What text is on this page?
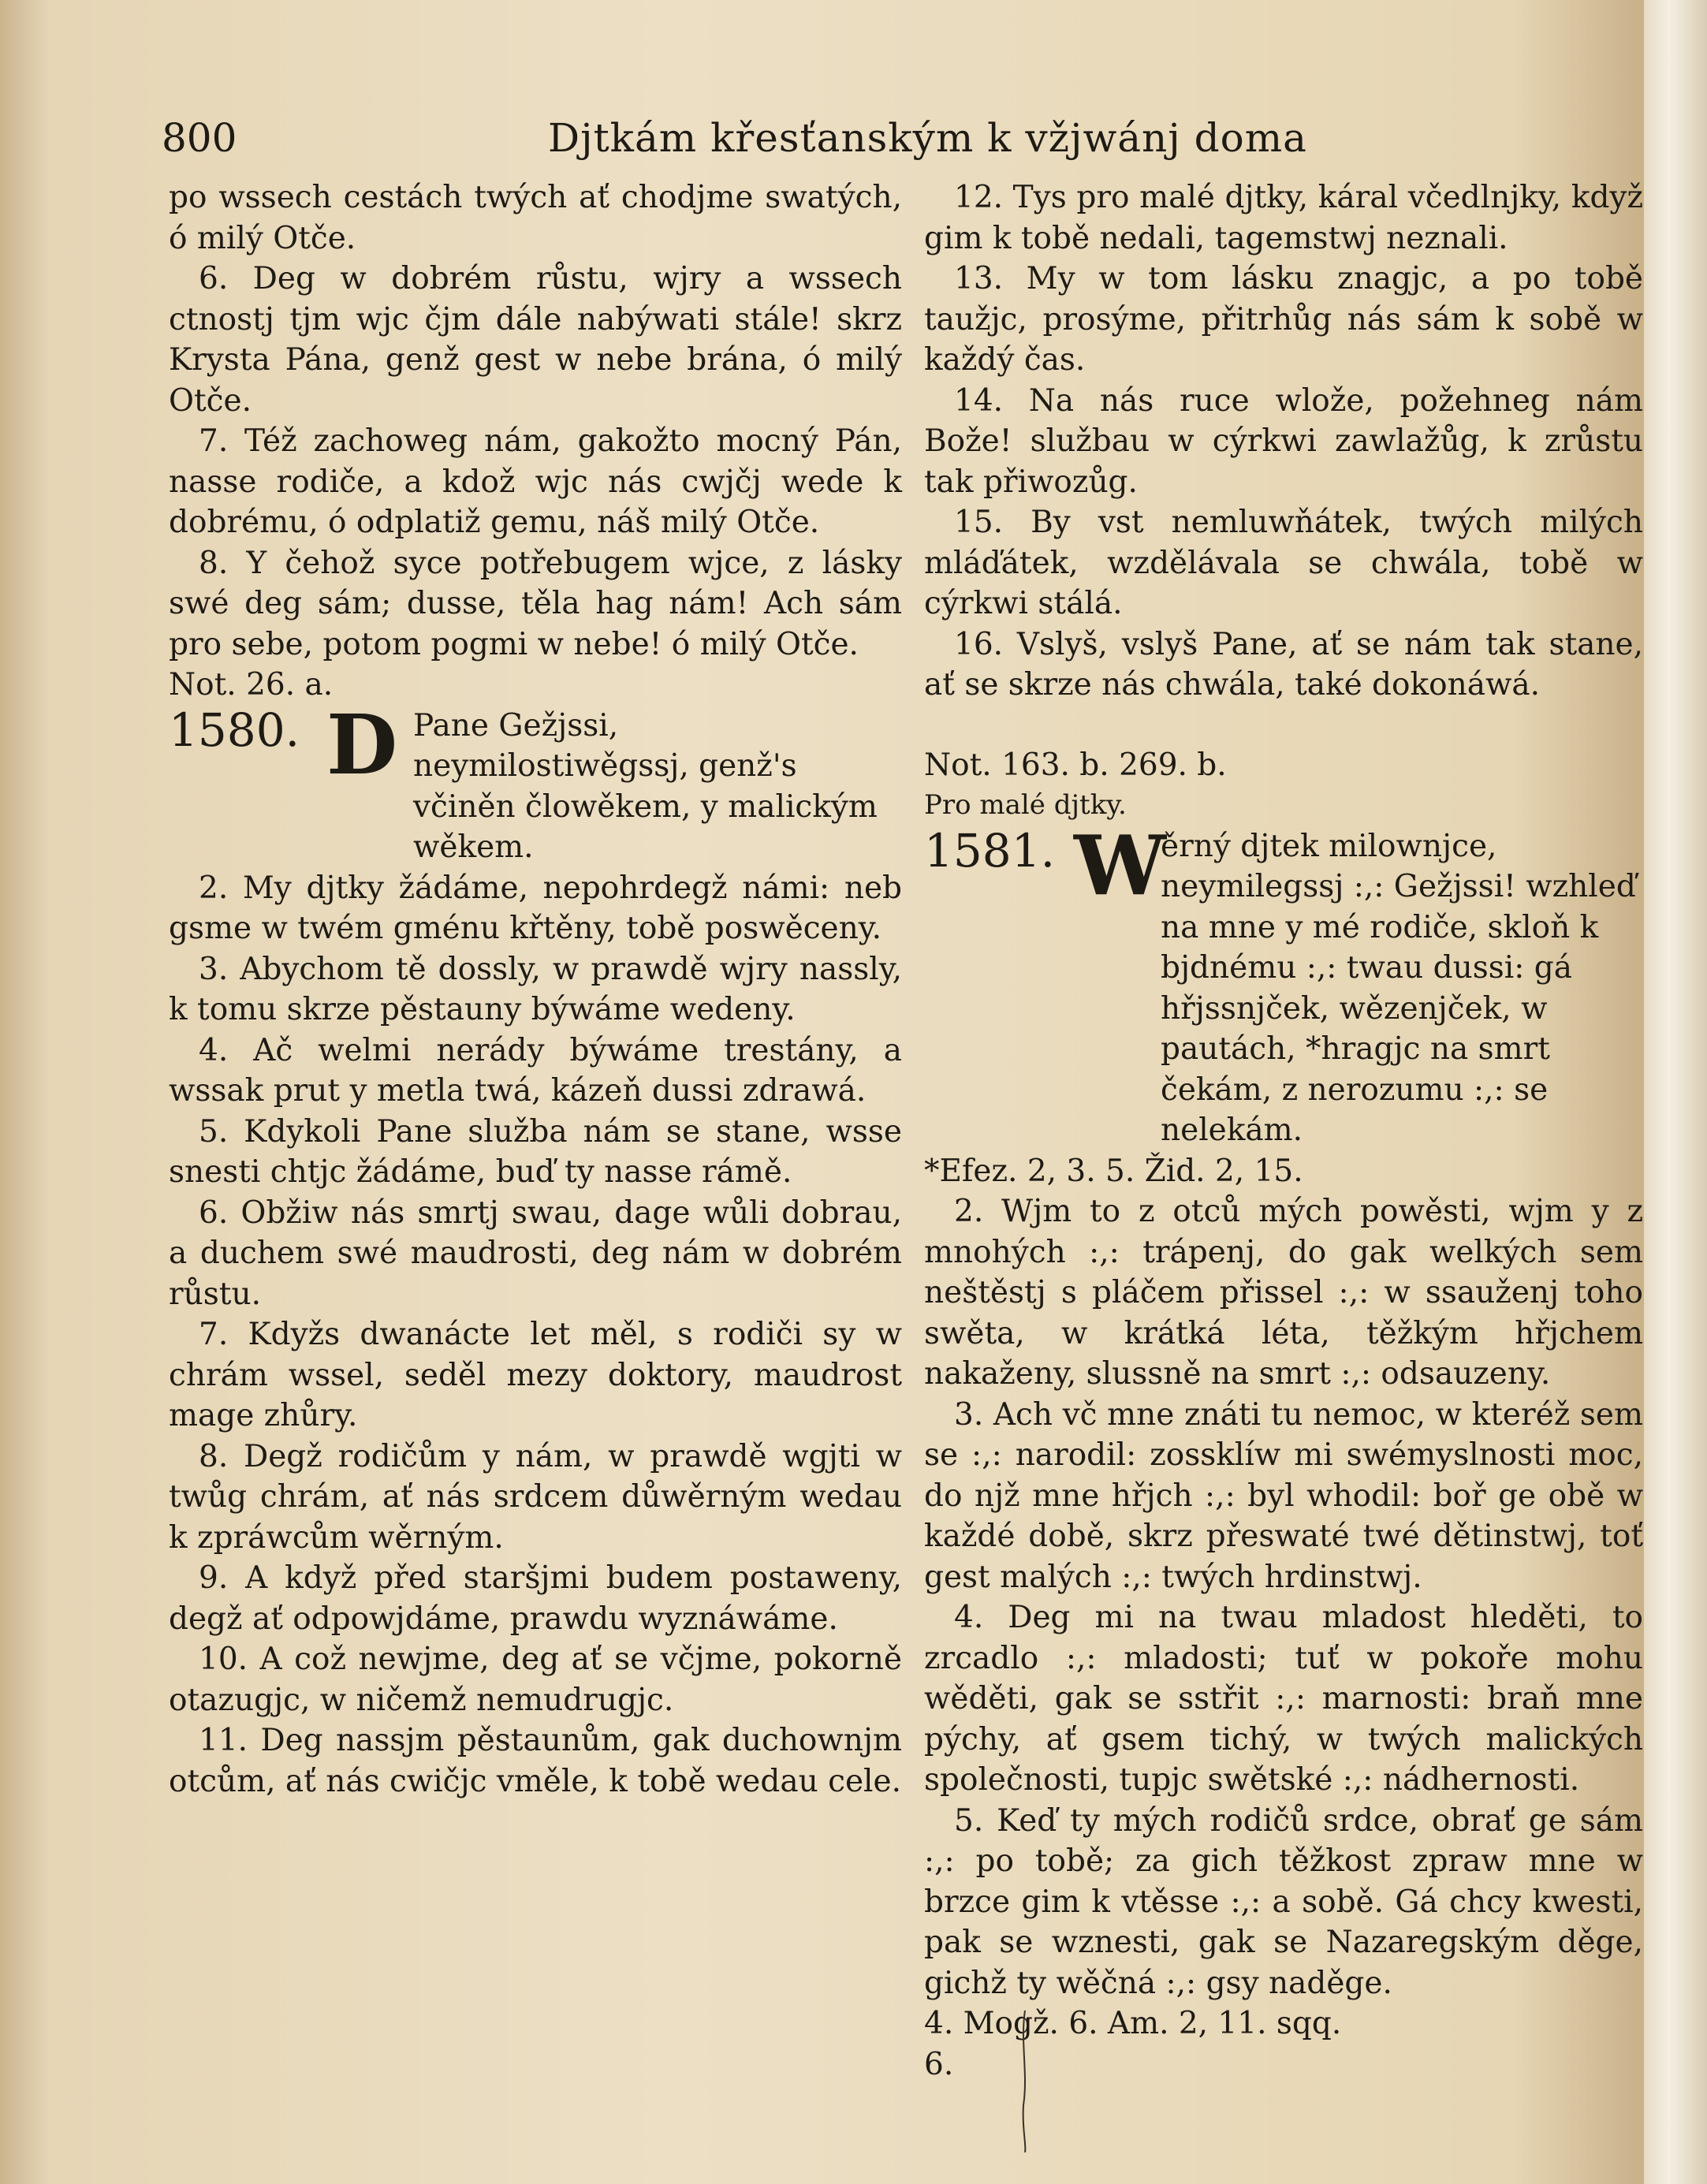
800	Djtkám křesťanským k vžjwánj doma

po wssech cestách twých ať chodjme swatých, ó milý Otče.

6. Deg w dobrém růstu, wjry a wssech ctnostj tjm wjc čjm dále nabýwati stále! skrz Krysta Pána, genž gest w nebe brána, ó milý Otče.

7. Též zachoweg nám, gakožto mocný Pán, nasse rodiče, a kdož wjc nás cwjčj wede k dobrému, ó odplatiž gemu, náš milý Otče.

8. Y čehož syce potřebugem wjce, z lásky swé deg sám; dusse, těla hag nám! Ach sám pro sebe, potom pogmi w nebe! ó milý Otče.

Not. 26. a.

1580. D Pane Gežjssi, neymilostiwěgssj, genž's včiněn člowěkem, y malickým wěkem.

2. My djtky žádáme, nepohrdegž námi: neb gsme w twém gménu křtěny, tobě poswěceny.

3. Abychom tě dossly, w prawdě wjry nassly, k tomu skrze pěstauny býwáme wedeny.

4. Ač welmi nerády býwáme trestány, a wssak prut y metla twá, kázeň dussi zdrawá.

5. Kdykoli Pane služba nám se stane, wsse snesti chtjc žádáme, buď ty nasse rámě.

6. Obžiw nás smrtj swau, dage wůli dobrau, a duchem swé maudrosti, deg nám w dobrém růstu.

7. Kdyžs dwanácte let měl, s rodiči sy w chrám wssel, seděl mezy doktory, maudrost mage zhůry.

8. Degž rodičům y nám, w prawdě wgjti w twůg chrám, ať nás srdcem důwěrným wedau k zpráwcům wěrným.

9. A když před staršjmi budem postaweny, degž ať odpowjdáme, prawdu wyznáwáme.

10. A což newjme, deg ať se včjme, pokorně otazugjc, w ničemž nemudrugjc.

11. Deg nassjm pěstaunům, gak duchownjm otcům, ať nás cwičjc vměle, k tobě wedau cele.

12. Tys pro malé djtky, káral včedlnjky, když gim k tobě nedali, tagemstwj neznali.

13. My w tom lásku znagjc, a po tobě taužjc, prosýme, přitrhůg nás sám k sobě w každý čas.

14. Na nás ruce wlože, požehneg nám Bože! službau w cýrkwi zawlažůg, k zrůstu tak přiwozůg.

15. By vst nemluwňátek, twých milých mláďátek, wzdělávala se chwála, tobě w cýrkwi stálá.

16. Vslyš, vslyš Pane, ať se nám tak stane, ať se skrze nás chwála, také dokonáwá.

Not. 163. b. 269. b.

Pro malé djtky.

1581. W
ěrný djtek milownjce, neymilegssj :,: Gežjssi! wzhleď na mne y mé rodiče, skloň k bjdnému :,: twau dussi: gá hřjssnjček, wězenjček, w pautách, *hragjc na smrt čekám, z nerozumu :,: se nelekám.

*Efez. 2, 3. 5. Žid. 2, 15.

2. Wjm to z otců mých powěsti, wjm y z mnohých :,: trápenj, do gak welkých sem neštěstj s pláčem přissel :,: w ssauženj toho swěta, w krátká léta, těžkým hřjchem nakaženy, slussně na smrt :,: odsauzeny.

3. Ach vč mne znáti tu nemoc, w kteréž sem se :,: narodil: zossklíw mi swémyslnosti moc, do njž mne hřjch :,: byl whodil: boř ge obě w každé době, skrz přeswaté twé dětinstwj, toť gest malých :,: twých hrdinstwj.

4. Deg mi na twau mladost hleděti, to zrcadlo :,: mladosti; tuť w pokoře mohu wěděti, gak se sstřit :,: marnosti: braň mne pýchy, ať gsem tichý, w twých malických společnosti, tupjc swětské :,: nádhernosti.

5. Keď ty mých rodičů srdce, obrať ge sám :,: po tobě; za gich těžkost zpraw mne w brzce gim k vtěsse :,: a sobě. Gá chcy kwesti, pak se wznesti, gak se Nazaregským děge, gichž ty wěčná :,: gsy naděge.

4. Mogž. 6. Am. 2, 11. sqq.

6.
